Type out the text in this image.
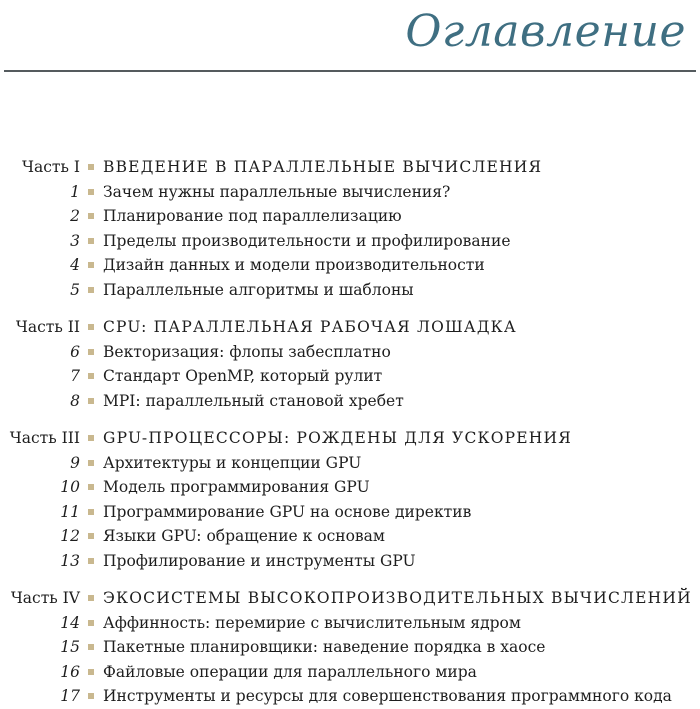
Оглавление
Часть I ВВЕДЕНИЕ В ПАРАЛЛЕЛЬНЫЕ ВЫЧИСЛЕНИЯ
1 Зачем нужны параллельные вычисления?
2 Планирование под параллелизацию
3 Пределы производительности и профилирование
4 Дизайн данных и модели производительности
5 Параллельные алгоритмы и шаблоны
Часть II CPU: ПАРАЛЛЕЛЬНАЯ РАБОЧАЯ ЛОШАДКА
6 Векторизация: флопы забесплатно
7 Стандарт OpenMP, который рулит
8 MPI: параллельный становой хребет
Часть III GPU-ПРОЦЕССОРЫ: РОЖДЕНЫ ДЛЯ УСКОРЕНИЯ
9 Архитектуры и концепции GPU
10 Модель программирования GPU
11 Программирование GPU на основе директив
12 Языки GPU: обращение к основам
13 Профилирование и инструменты GPU
Часть IV ЭКОСИСТЕМЫ ВЫСОКОПРОИЗВОДИТЕЛЬНЫХ ВЫЧИСЛЕНИЙ
14 Аффинность: перемирие с вычислительным ядром
15 Пакетные планировщики: наведение порядка в хаосе
16 Файловые операции для параллельного мира
17 Инструменты и ресурсы для совершенствования программного кода
